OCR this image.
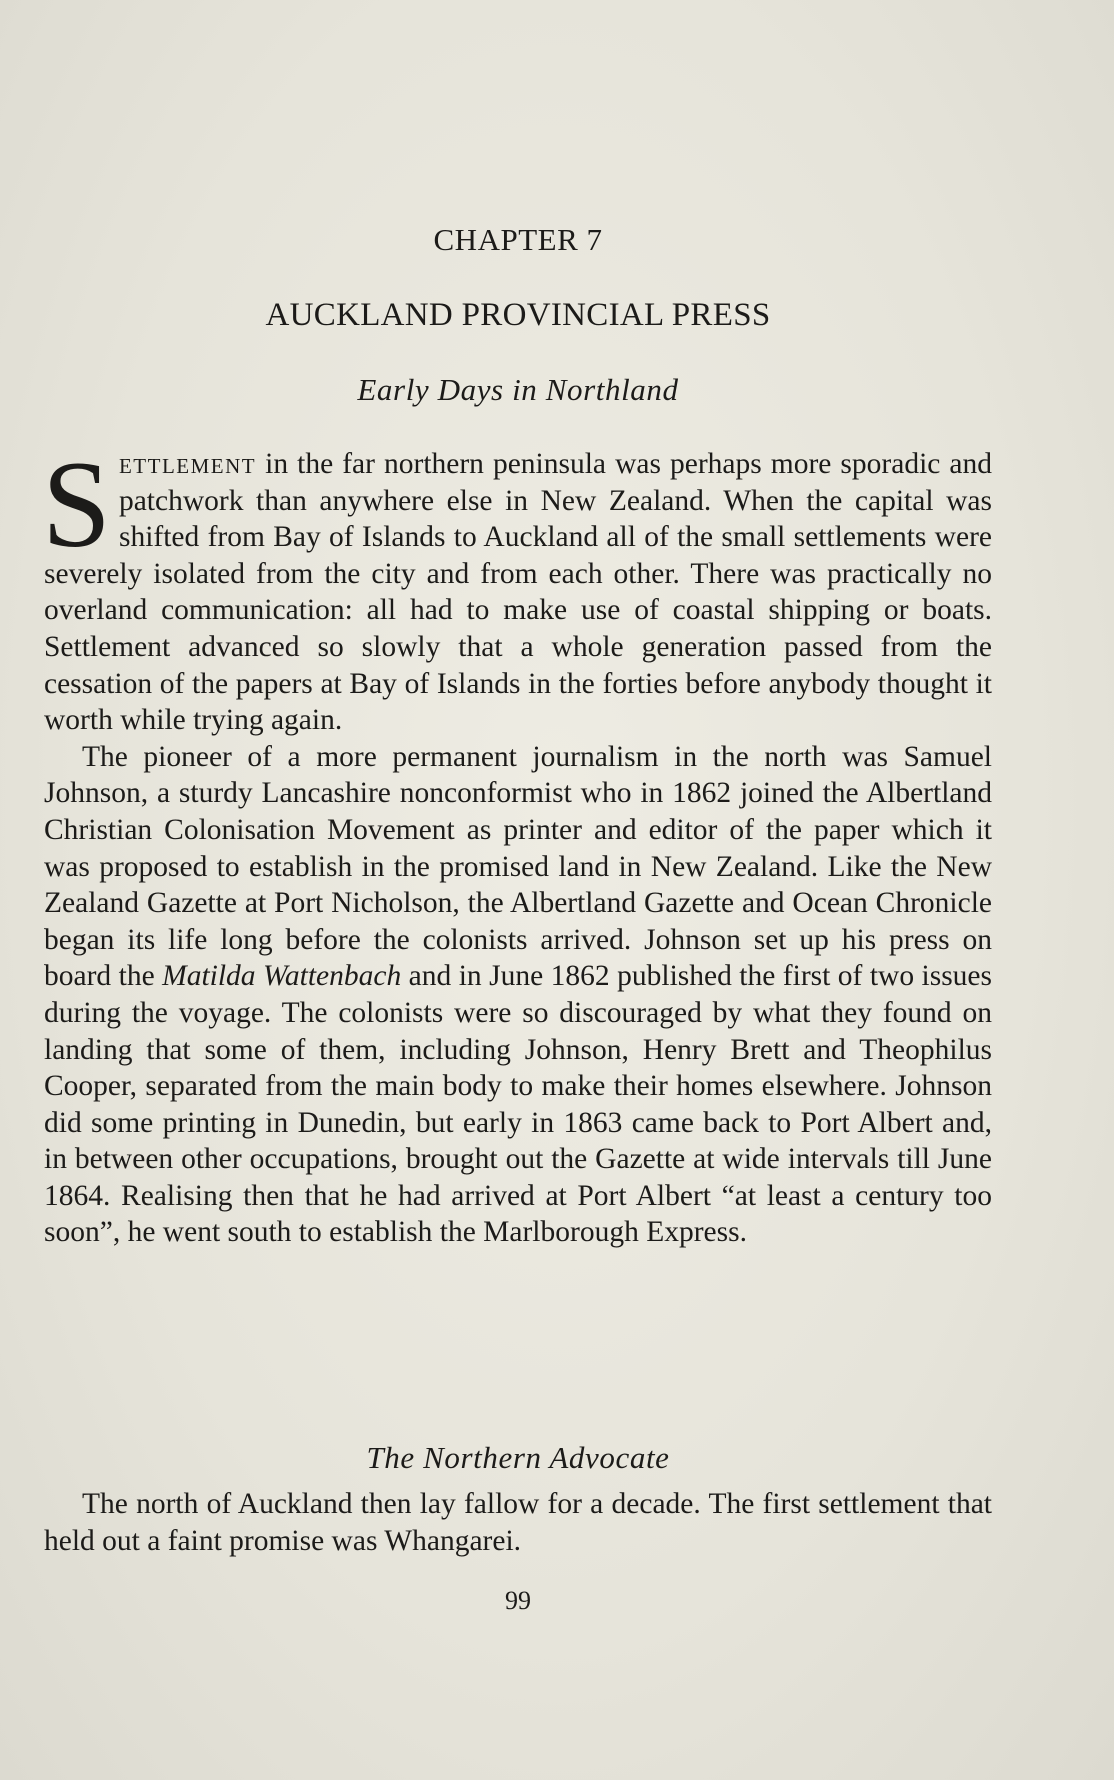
CHAPTER 7
AUCKLAND PROVINCIAL PRESS
Early Days in Northland

Settlement in the far northern peninsula was perhaps more sporadic and patchwork than anywhere else in New Zealand. When the capital was shifted from Bay of Islands to Auckland all of the small settlements were severely isolated from the city and from each other. There was practically no overland communication: all had to make use of coastal shipping or boats. Settlement advanced so slowly that a whole generation passed from the cessation of the papers at Bay of Islands in the forties before anybody thought it worth while trying again.

The pioneer of a more permanent journalism in the north was Samuel Johnson, a sturdy Lancashire nonconformist who in 1862 joined the Albertland Christian Colonisation Movement as printer and editor of the paper which it was proposed to establish in the promised land in New Zealand. Like the New Zealand Gazette at Port Nicholson, the Albertland Gazette and Ocean Chronicle began its life long before the colonists arrived. Johnson set up his press on board the Matilda Wattenbach and in June 1862 published the first of two issues during the voyage. The colonists were so discouraged by what they found on landing that some of them, including Johnson, Henry Brett and Theophilus Cooper, separated from the main body to make their homes elsewhere. Johnson did some printing in Dunedin, but early in 1863 came back to Port Albert and, in between other occupations, brought out the Gazette at wide intervals till June 1864. Realising then that he had arrived at Port Albert “at least a century too soon”, he went south to establish the Marlborough Express.

The Northern Advocate

The north of Auckland then lay fallow for a decade. The first settlement that held out a faint promise was Whangarei.

99
